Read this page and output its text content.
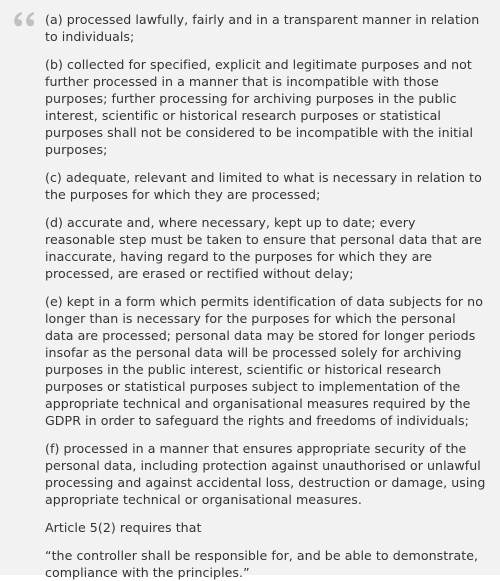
(a) processed lawfully, fairly and in a transparent manner in relation to individuals;

(b) collected for specified, explicit and legitimate purposes and not further processed in a manner that is incompatible with those purposes; further processing for archiving purposes in the public interest, scientific or historical research purposes or statistical purposes shall not be considered to be incompatible with the initial purposes;

(c) adequate, relevant and limited to what is necessary in relation to the purposes for which they are processed;

(d) accurate and, where necessary, kept up to date; every reasonable step must be taken to ensure that personal data that are inaccurate, having regard to the purposes for which they are processed, are erased or rectified without delay;

(e) kept in a form which permits identification of data subjects for no longer than is necessary for the purposes for which the personal data are processed; personal data may be stored for longer periods insofar as the personal data will be processed solely for archiving purposes in the public interest, scientific or historical research purposes or statistical purposes subject to implementation of the appropriate technical and organisational measures required by the GDPR in order to safeguard the rights and freedoms of individuals;

(f) processed in a manner that ensures appropriate security of the personal data, including protection against unauthorised or unlawful processing and against accidental loss, destruction or damage, using appropriate technical or organisational measures.

Article 5(2) requires that

“the controller shall be responsible for, and be able to demonstrate, compliance with the principles.”
